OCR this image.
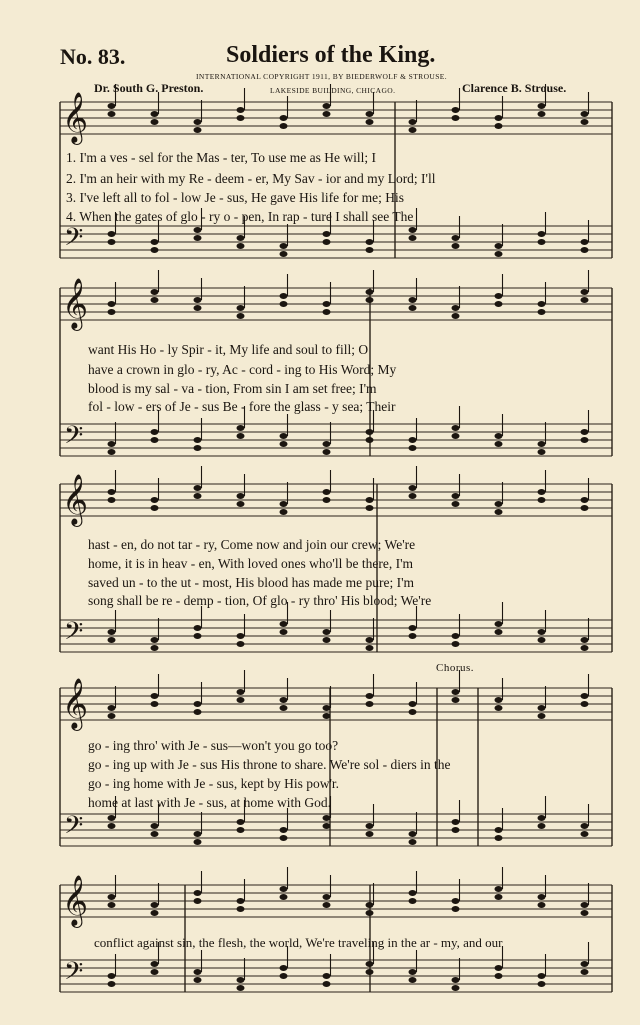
No. 83.	Soldiers of the King.
INTERNATIONAL COPYRIGHT 1911, BY BIEDERWOLF & STROUSE.
LAKESIDE BUILDING, CHICAGO.
Dr. South G. Preston.	Clarence B. Strouse.
Chorus.
𝄞
𝄢
𝄞
𝄢
𝄞
𝄢
𝄞
𝄢
𝄞
𝄢
1. I'm a ves - sel for the Mas - ter, To use me as He will; I
2. I'm an heir with my Re - deem - er, My Sav - ior and my Lord; I'll
3. I've left all to fol - low Je - sus, He gave His life for me; His
4. When the gates of glo - ry o - pen, In rap - ture I shall see The
want His Ho - ly Spir - it, My life and soul to fill; O
have a crown in glo - ry, Ac - cord - ing to His Word; My
blood is my sal - va - tion, From sin I am set free; I'm
fol - low - ers of Je - sus Be - fore the glass - y sea; Their
hast - en, do not tar - ry, Come now and join our crew; We're
home, it is in heav - en, With loved ones who'll be there, I'm
saved un - to the ut - most, His blood has made me pure; I'm
song shall be re - demp - tion, Of glo - ry thro' His blood; We're
go - ing thro' with Je - sus—won't you go too?
go - ing up with Je - sus His throne to share. We're sol - diers in the
go - ing home with Je - sus, kept by His pow'r.
home at last with Je - sus, at home with God.
conflict against sin, the flesh, the world, We're traveling in the ar - my, and our
